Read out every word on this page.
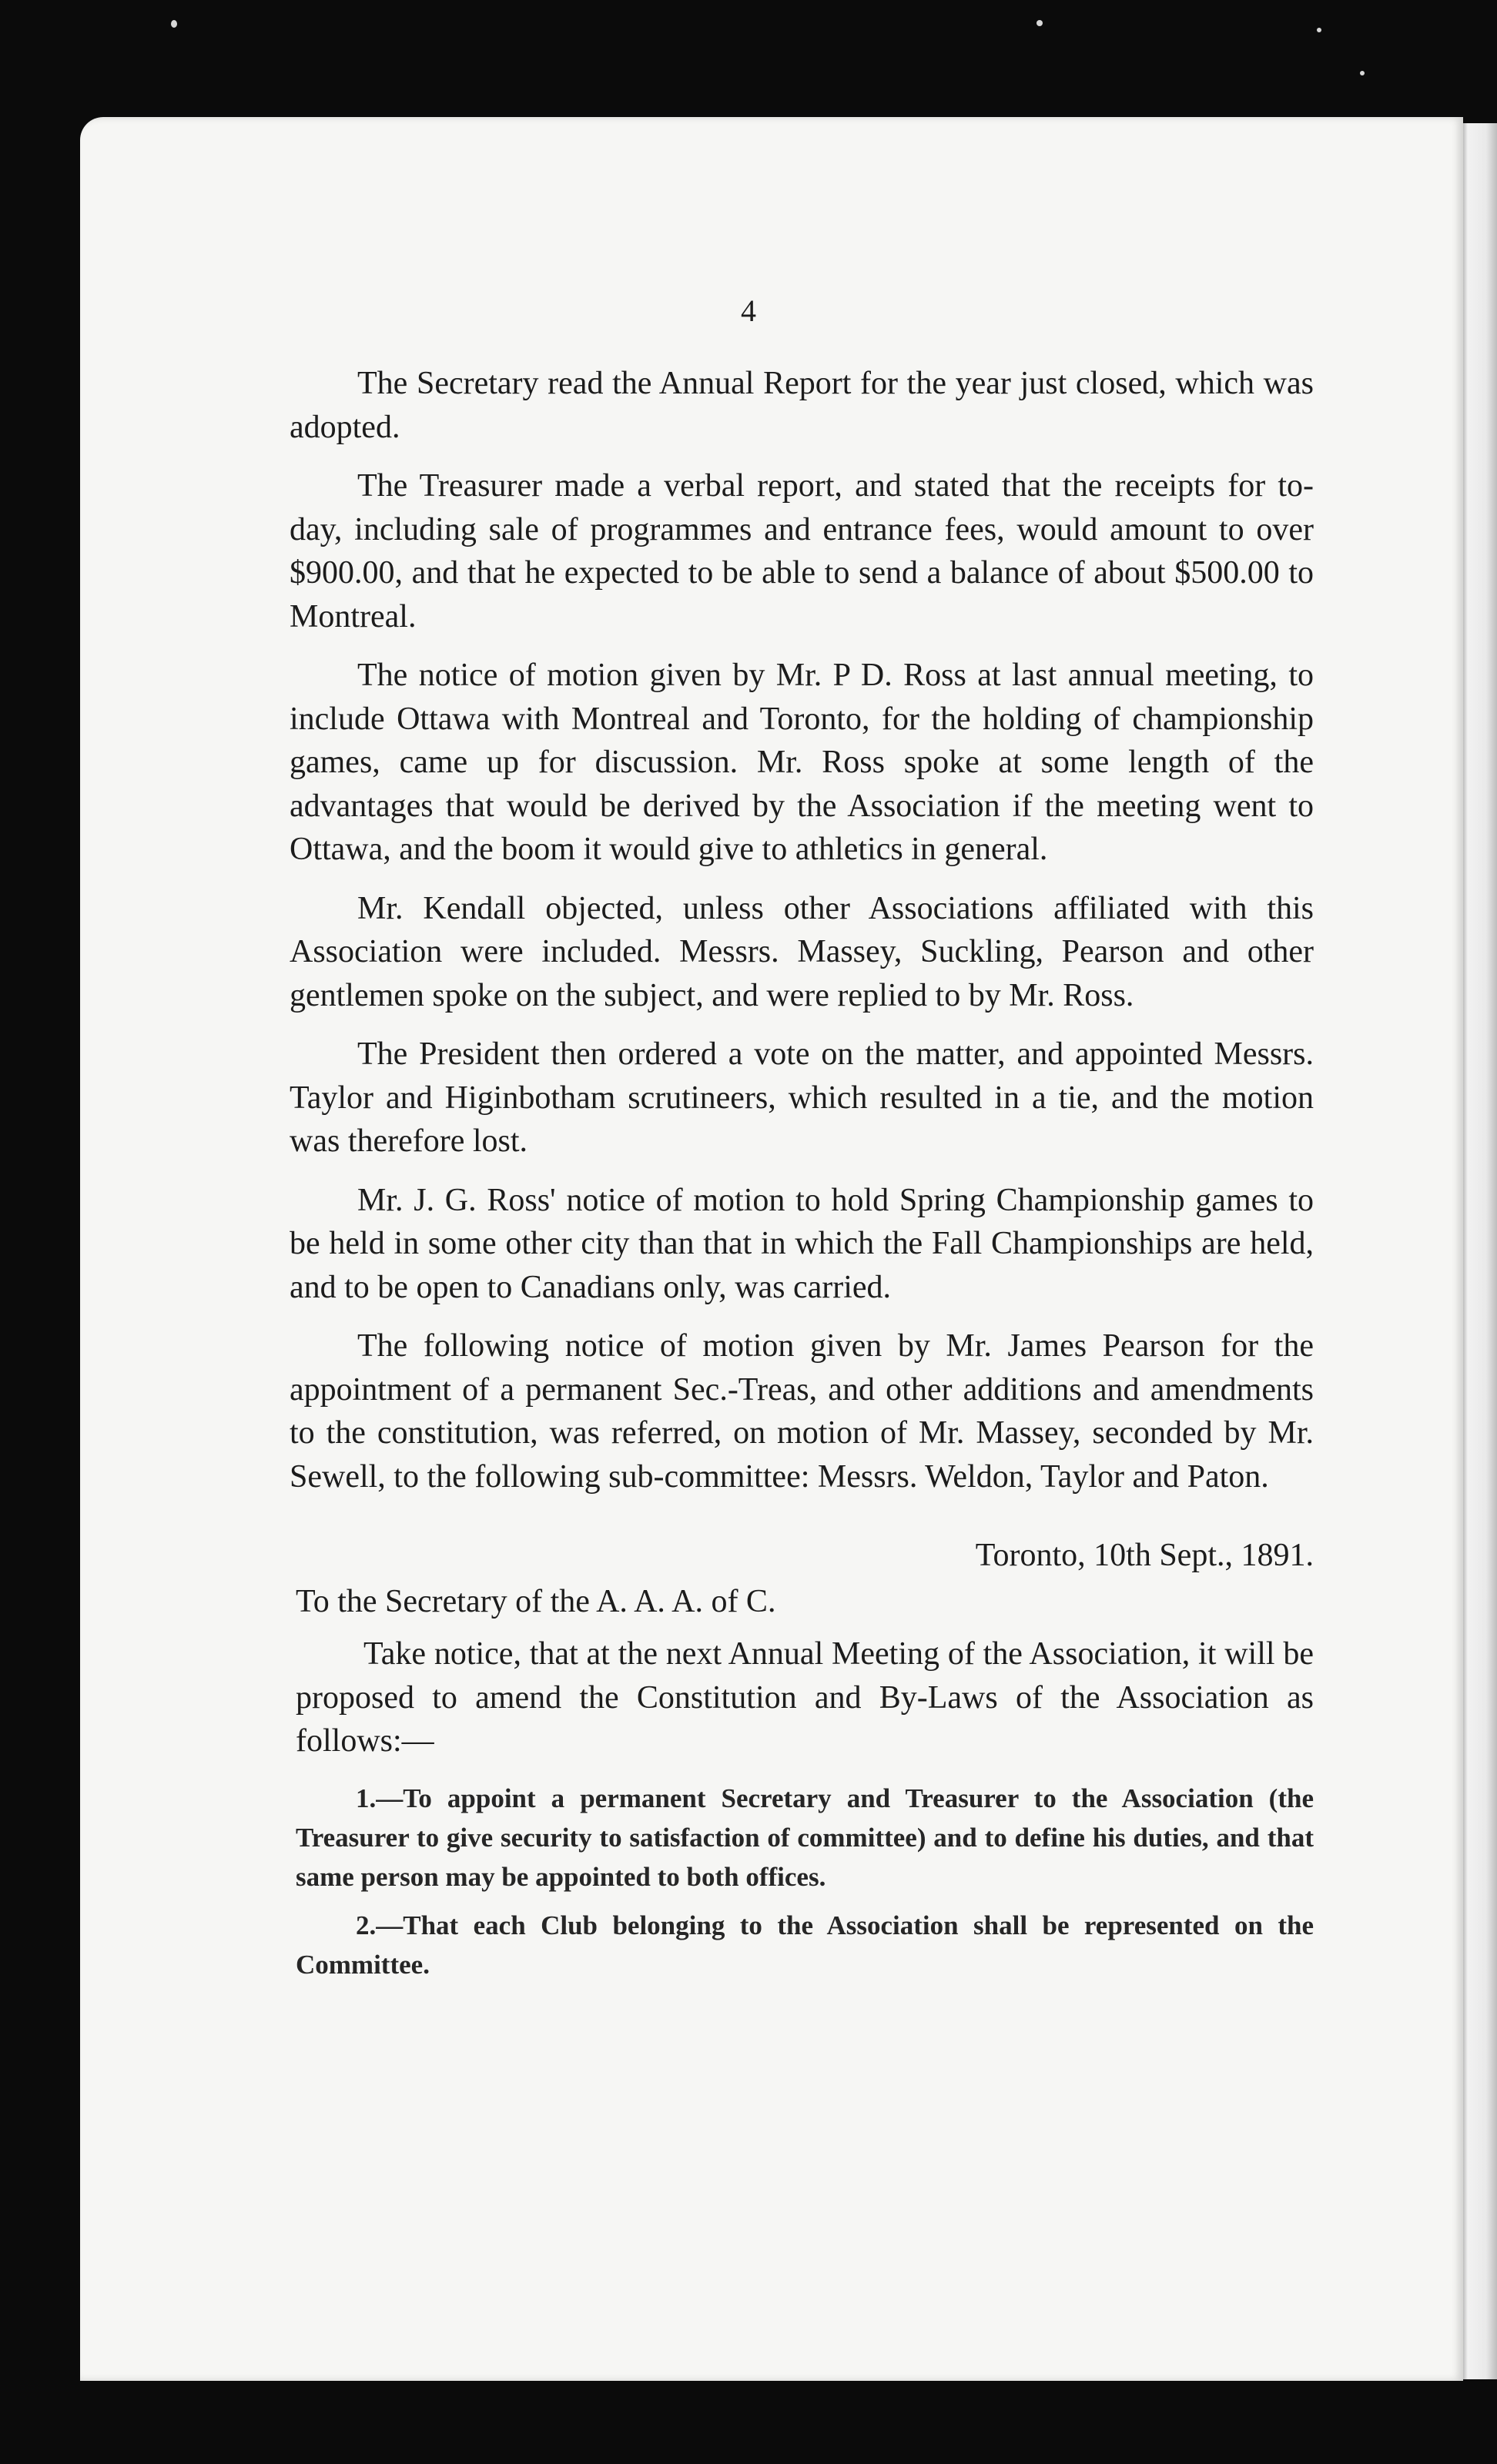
4

The Secretary read the Annual Report for the year just closed, which was adopted.

The Treasurer made a verbal report, and stated that the receipts for to-day, including sale of programmes and entrance fees, would amount to over $900.00, and that he expected to be able to send a balance of about $500.00 to Montreal.

The notice of motion given by Mr. P D. Ross at last annual meeting, to include Ottawa with Montreal and Toronto, for the holding of championship games, came up for discussion. Mr. Ross spoke at some length of the advantages that would be derived by the Association if the meeting went to Ottawa, and the boom it would give to athletics in general.

Mr. Kendall objected, unless other Associations affiliated with this Association were included. Messrs. Massey, Suckling, Pearson and other gentlemen spoke on the subject, and were replied to by Mr. Ross.

The President then ordered a vote on the matter, and appointed Messrs. Taylor and Higinbotham scrutineers, which resulted in a tie, and the motion was therefore lost.

Mr. J. G. Ross' notice of motion to hold Spring Championship games to be held in some other city than that in which the Fall Championships are held, and to be open to Canadians only, was carried.

The following notice of motion given by Mr. James Pearson for the appointment of a permanent Sec.-Treas, and other additions and amendments to the constitution, was referred, on motion of Mr. Massey, seconded by Mr. Sewell, to the following sub-committee: Messrs. Weldon, Taylor and Paton.

Toronto, 10th Sept., 1891.

To the Secretary of the A. A. A. of C.

Take notice, that at the next Annual Meeting of the Association, it will be proposed to amend the Constitution and By-Laws of the Association as follows:—

1.—To appoint a permanent Secretary and Treasurer to the Association (the Treasurer to give security to satisfaction of committee) and to define his duties, and that same person may be appointed to both offices.

2.—That each Club belonging to the Association shall be represented on the Committee.
